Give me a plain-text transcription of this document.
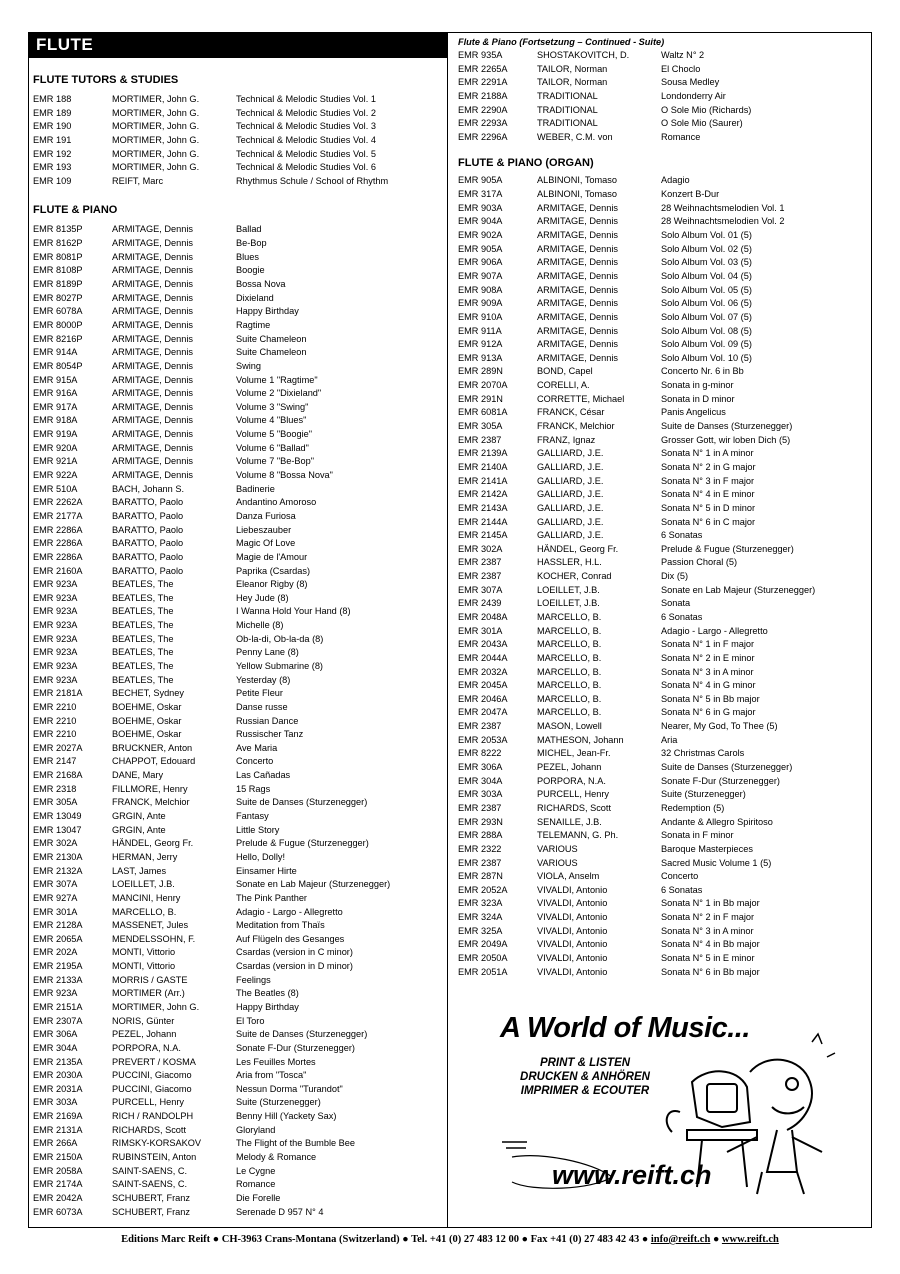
FLUTE
FLUTE TUTORS & STUDIES
EMR 188	MORTIMER, John G.	Technical & Melodic Studies Vol. 1
EMR 189	MORTIMER, John G.	Technical & Melodic Studies Vol. 2
EMR 190	MORTIMER, John G.	Technical & Melodic Studies Vol. 3
EMR 191	MORTIMER, John G.	Technical & Melodic Studies Vol. 4
EMR 192	MORTIMER, John G.	Technical & Melodic Studies Vol. 5
EMR 193	MORTIMER, John G.	Technical & Melodic Studies Vol. 6
EMR 109	REIFT, Marc	Rhythmus Schule / School of Rhythm
FLUTE & PIANO
EMR 8135P	ARMITAGE, Dennis	Ballad
EMR 8162P	ARMITAGE, Dennis	Be-Bop
EMR 8081P	ARMITAGE, Dennis	Blues
EMR 8108P	ARMITAGE, Dennis	Boogie
EMR 8189P	ARMITAGE, Dennis	Bossa Nova
EMR 8027P	ARMITAGE, Dennis	Dixieland
EMR 6078A	ARMITAGE, Dennis	Happy Birthday
EMR 8000P	ARMITAGE, Dennis	Ragtime
EMR 8216P	ARMITAGE, Dennis	Suite Chameleon
EMR 914A	ARMITAGE, Dennis	Suite Chameleon
EMR 8054P	ARMITAGE, Dennis	Swing
EMR 915A	ARMITAGE, Dennis	Volume 1 "Ragtime"
EMR 916A	ARMITAGE, Dennis	Volume 2 "Dixieland"
EMR 917A	ARMITAGE, Dennis	Volume 3 "Swing"
EMR 918A	ARMITAGE, Dennis	Volume 4 "Blues"
EMR 919A	ARMITAGE, Dennis	Volume 5 "Boogie"
EMR 920A	ARMITAGE, Dennis	Volume 6 "Ballad"
EMR 921A	ARMITAGE, Dennis	Volume 7 "Be-Bop"
EMR 922A	ARMITAGE, Dennis	Volume 8 "Bossa Nova"
EMR 510A	BACH, Johann S.	Badinerie
EMR 2262A	BARATTO, Paolo	Andantino Amoroso
EMR 2177A	BARATTO, Paolo	Danza Furiosa
EMR 2286A	BARATTO, Paolo	Liebeszauber
EMR 2286A	BARATTO, Paolo	Magic Of Love
EMR 2286A	BARATTO, Paolo	Magie de l'Amour
EMR 2160A	BARATTO, Paolo	Paprika (Csardas)
EMR 923A	BEATLES, The	Eleanor Rigby (8)
EMR 923A	BEATLES, The	Hey Jude (8)
EMR 923A	BEATLES, The	I Wanna Hold Your Hand (8)
EMR 923A	BEATLES, The	Michelle (8)
EMR 923A	BEATLES, The	Ob-la-di, Ob-la-da (8)
EMR 923A	BEATLES, The	Penny Lane (8)
EMR 923A	BEATLES, The	Yellow Submarine (8)
EMR 923A	BEATLES, The	Yesterday (8)
EMR 2181A	BECHET, Sydney	Petite Fleur
EMR 2210	BOEHME, Oskar	Danse russe
EMR 2210	BOEHME, Oskar	Russian Dance
EMR 2210	BOEHME, Oskar	Russischer Tanz
EMR 2027A	BRUCKNER, Anton	Ave Maria
EMR 2147	CHAPPOT, Edouard	Concerto
EMR 2168A	DANE, Mary	Las Cañadas
EMR 2318	FILLMORE, Henry	15 Rags
EMR 305A	FRANCK, Melchior	Suite de Danses (Sturzenegger)
EMR 13049	GRGIN, Ante	Fantasy
EMR 13047	GRGIN, Ante	Little Story
EMR 302A	HÄNDEL, Georg Fr.	Prelude & Fugue (Sturzenegger)
EMR 2130A	HERMAN, Jerry	Hello, Dolly!
EMR 2132A	LAST, James	Einsamer Hirte
EMR 307A	LOEILLET, J.B.	Sonate en Lab Majeur (Sturzenegger)
EMR 927A	MANCINI, Henry	The Pink Panther
EMR 301A	MARCELLO, B.	Adagio - Largo - Allegretto
EMR 2128A	MASSENET, Jules	Meditation from Thaïs
EMR 2065A	MENDELSSOHN, F.	Auf Flügeln des Gesanges
EMR 202A	MONTI, Vittorio	Csardas (version in C minor)
EMR 2195A	MONTI, Vittorio	Csardas (version in D minor)
EMR 2133A	MORRIS / GASTE	Feelings
EMR 923A	MORTIMER (Arr.)	The Beatles (8)
EMR 2151A	MORTIMER, John G.	Happy Birthday
EMR 2307A	NORIS, Günter	El Toro
EMR 306A	PEZEL, Johann	Suite de Danses (Sturzenegger)
EMR 304A	PORPORA, N.A.	Sonate F-Dur (Sturzenegger)
EMR 2135A	PREVERT / KOSMA	Les Feuilles Mortes
EMR 2030A	PUCCINI, Giacomo	Aria from "Tosca"
EMR 2031A	PUCCINI, Giacomo	Nessun Dorma "Turandot"
EMR 303A	PURCELL, Henry	Suite (Sturzenegger)
EMR 2169A	RICH / RANDOLPH	Benny Hill (Yackety Sax)
EMR 2131A	RICHARDS, Scott	Gloryland
EMR 266A	RIMSKY-KORSAKOV	The Flight of the Bumble Bee
EMR 2150A	RUBINSTEIN, Anton	Melody & Romance
EMR 2058A	SAINT-SAENS, C.	Le Cygne
EMR 2174A	SAINT-SAENS, C.	Romance
EMR 2042A	SCHUBERT, Franz	Die Forelle
EMR 6073A	SCHUBERT, Franz	Serenade D 957 N° 4
Flute & Piano (Fortsetzung – Continued - Suite)
EMR 935A	SHOSTAKOVITCH, D.	Waltz N° 2
EMR 2265A	TAILOR, Norman	El Choclo
EMR 2291A	TAILOR, Norman	Sousa Medley
EMR 2188A	TRADITIONAL	Londonderry Air
EMR 2290A	TRADITIONAL	O Sole Mio (Richards)
EMR 2293A	TRADITIONAL	O Sole Mio (Saurer)
EMR 2296A	WEBER, C.M. von	Romance
FLUTE & PIANO (ORGAN)
EMR 905A	ALBINONI, Tomaso	Adagio
EMR 317A	ALBINONI, Tomaso	Konzert B-Dur
EMR 903A	ARMITAGE, Dennis	28 Weihnachtsmelodien Vol. 1
EMR 904A	ARMITAGE, Dennis	28 Weihnachtsmelodien Vol. 2
EMR 902A	ARMITAGE, Dennis	Solo Album Vol. 01 (5)
EMR 905A	ARMITAGE, Dennis	Solo Album Vol. 02 (5)
EMR 906A	ARMITAGE, Dennis	Solo Album Vol. 03 (5)
EMR 907A	ARMITAGE, Dennis	Solo Album Vol. 04 (5)
EMR 908A	ARMITAGE, Dennis	Solo Album Vol. 05 (5)
EMR 909A	ARMITAGE, Dennis	Solo Album Vol. 06 (5)
EMR 910A	ARMITAGE, Dennis	Solo Album Vol. 07 (5)
EMR 911A	ARMITAGE, Dennis	Solo Album Vol. 08 (5)
EMR 912A	ARMITAGE, Dennis	Solo Album Vol. 09 (5)
EMR 913A	ARMITAGE, Dennis	Solo Album Vol. 10 (5)
EMR 289N	BOND, Capel	Concerto Nr. 6 in Bb
EMR 2070A	CORELLI, A.	Sonata in g-minor
EMR 291N	CORRETTE, Michael	Sonata in D minor
EMR 6081A	FRANCK, César	Panis Angelicus
EMR 305A	FRANCK, Melchior	Suite de Danses (Sturzenegger)
EMR 2387	FRANZ, Ignaz	Grosser Gott, wir loben Dich (5)
EMR 2139A	GALLIARD, J.E.	Sonata N° 1 in A minor
EMR 2140A	GALLIARD, J.E.	Sonata N° 2 in G major
EMR 2141A	GALLIARD, J.E.	Sonata N° 3 in F major
EMR 2142A	GALLIARD, J.E.	Sonata N° 4 in E minor
EMR 2143A	GALLIARD, J.E.	Sonata N° 5 in D minor
EMR 2144A	GALLIARD, J.E.	Sonata N° 6 in C major
EMR 2145A	GALLIARD, J.E.	6 Sonatas
EMR 302A	HÄNDEL, Georg Fr.	Prelude & Fugue (Sturzenegger)
EMR 2387	HASSLER, H.L.	Passion Choral (5)
EMR 2387	KOCHER, Conrad	Dix (5)
EMR 307A	LOEILLET, J.B.	Sonate en Lab Majeur (Sturzenegger)
EMR 2439	LOEILLET, J.B.	Sonata
EMR 2048A	MARCELLO, B.	6 Sonatas
EMR 301A	MARCELLO, B.	Adagio - Largo - Allegretto
EMR 2043A	MARCELLO, B.	Sonata N° 1 in F major
EMR 2044A	MARCELLO, B.	Sonata N° 2 in E minor
EMR 2032A	MARCELLO, B.	Sonata N° 3 in A minor
EMR 2045A	MARCELLO, B.	Sonata N° 4 in G minor
EMR 2046A	MARCELLO, B.	Sonata N° 5 in Bb major
EMR 2047A	MARCELLO, B.	Sonata N° 6 in G major
EMR 2387	MASON, Lowell	Nearer, My God, To Thee (5)
EMR 2053A	MATHESON, Johann	Aria
EMR 8222	MICHEL, Jean-Fr.	32 Christmas Carols
EMR 306A	PEZEL, Johann	Suite de Danses (Sturzenegger)
EMR 304A	PORPORA, N.A.	Sonate F-Dur (Sturzenegger)
EMR 303A	PURCELL, Henry	Suite (Sturzenegger)
EMR 2387	RICHARDS, Scott	Redemption (5)
EMR 293N	SENAILLE, J.B.	Andante & Allegro Spiritoso
EMR 288A	TELEMANN, G. Ph.	Sonata in F minor
EMR 2322	VARIOUS	Baroque Masterpieces
EMR 2387	VARIOUS	Sacred Music Volume 1 (5)
EMR 287N	VIOLA, Anselm	Concerto
EMR 2052A	VIVALDI, Antonio	6 Sonatas
EMR 323A	VIVALDI, Antonio	Sonata N° 1 in Bb major
EMR 324A	VIVALDI, Antonio	Sonata N° 2 in F major
EMR 325A	VIVALDI, Antonio	Sonata N° 3 in A minor
EMR 2049A	VIVALDI, Antonio	Sonata N° 4 in Bb major
EMR 2050A	VIVALDI, Antonio	Sonata N° 5 in E minor
EMR 2051A	VIVALDI, Antonio	Sonata N° 6 in Bb major
A World of Music...
PRINT & LISTEN
DRUCKEN & ANHÖREN
IMPRIMER & ECOUTER
www.reift.ch
Editions Marc Reift ● CH-3963 Crans-Montana (Switzerland) ● Tel. +41 (0) 27 483 12 00 ● Fax +41 (0) 27 483 42 43 ● info@reift.ch ● www.reift.ch
